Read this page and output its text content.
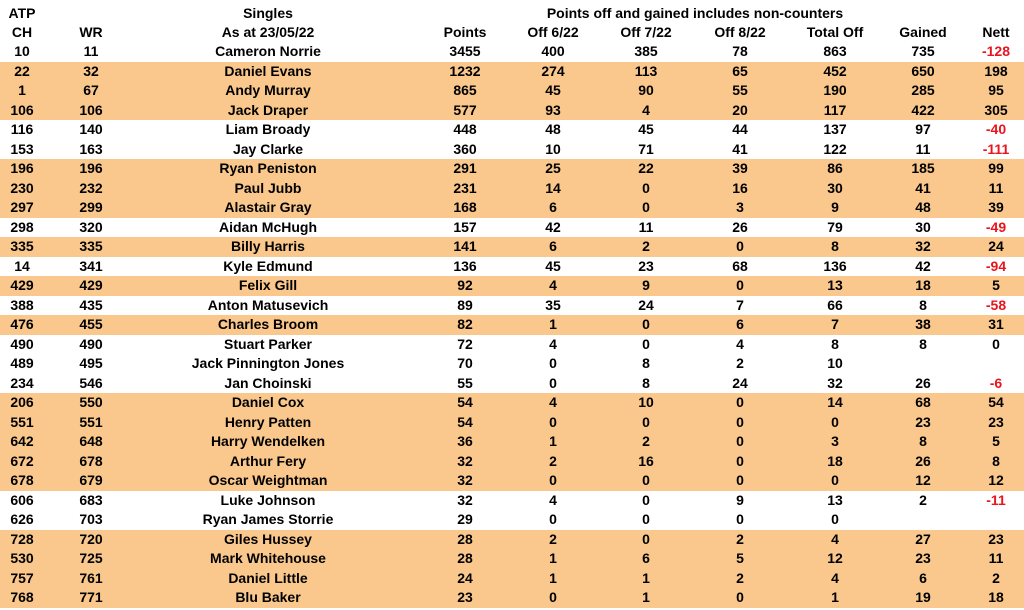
ATP	Singles	Points off and gained includes non-counters
CH	WR	As at 23/05/22	Points	Off 6/22	Off 7/22	Off 8/22	Total Off	Gained	Nett
10	11	Cameron Norrie	3455	400	385	78	863	735	-128
22	32	Daniel Evans	1232	274	113	65	452	650	198
1	67	Andy Murray	865	45	90	55	190	285	95
106	106	Jack Draper	577	93	4	20	117	422	305
116	140	Liam Broady	448	48	45	44	137	97	-40
153	163	Jay Clarke	360	10	71	41	122	11	-111
196	196	Ryan Peniston	291	25	22	39	86	185	99
230	232	Paul Jubb	231	14	0	16	30	41	11
297	299	Alastair Gray	168	6	0	3	9	48	39
298	320	Aidan McHugh	157	42	11	26	79	30	-49
335	335	Billy Harris	141	6	2	0	8	32	24
14	341	Kyle Edmund	136	45	23	68	136	42	-94
429	429	Felix Gill	92	4	9	0	13	18	5
388	435	Anton Matusevich	89	35	24	7	66	8	-58
476	455	Charles Broom	82	1	0	6	7	38	31
490	490	Stuart Parker	72	4	0	4	8	8	0
489	495	Jack Pinnington Jones	70	0	8	2	10
234	546	Jan Choinski	55	0	8	24	32	26	-6
206	550	Daniel Cox	54	4	10	0	14	68	54
551	551	Henry Patten	54	0	0	0	0	23	23
642	648	Harry Wendelken	36	1	2	0	3	8	5
672	678	Arthur Fery	32	2	16	0	18	26	8
678	679	Oscar Weightman	32	0	0	0	0	12	12
606	683	Luke Johnson	32	4	0	9	13	2	-11
626	703	Ryan James Storrie	29	0	0	0	0
728	720	Giles Hussey	28	2	0	2	4	27	23
530	725	Mark Whitehouse	28	1	6	5	12	23	11
757	761	Daniel Little	24	1	1	2	4	6	2
768	771	Blu Baker	23	0	1	0	1	19	18
